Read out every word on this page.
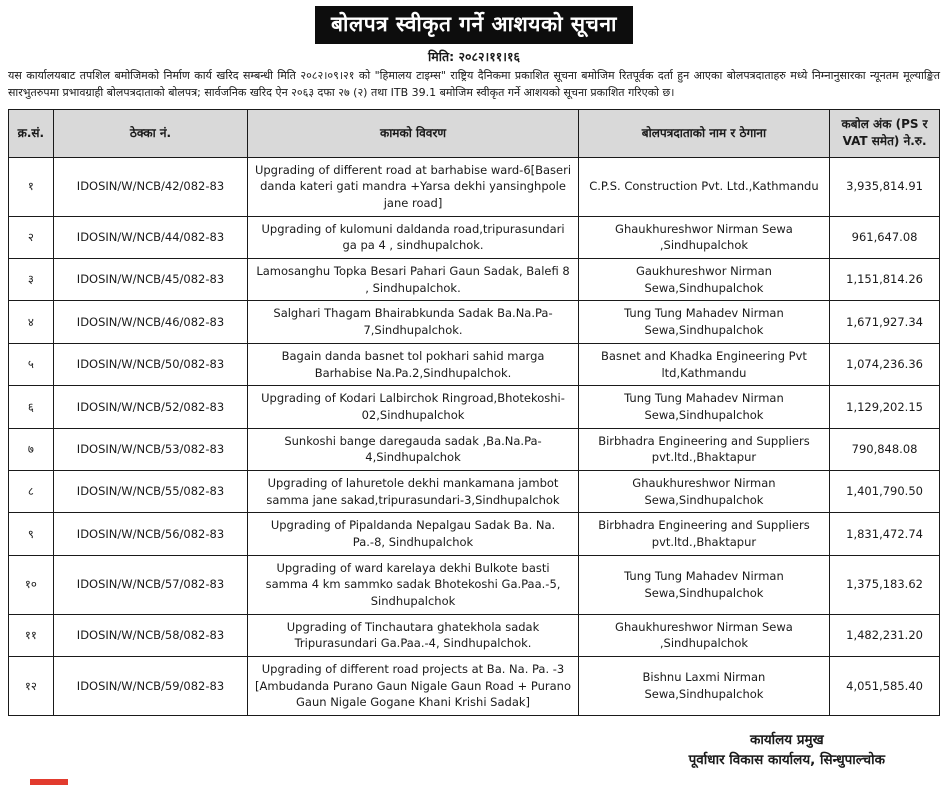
बोलपत्र स्वीकृत गर्ने आशयको सूचना
मिति: २०८२।११।१६

यस कार्यालयबाट तपशिल बमोजिमको निर्माण कार्य खरिद सम्बन्धी मिति २०८२।०९।२१ को "हिमालय टाइम्स" राष्ट्रिय दैनिकमा प्रकाशित सूचना बमोजिम रितपूर्वक दर्ता हुन आएका बोलपत्रदाताहरु मध्ये निम्नानुसारका न्यूनतम मूल्याङ्कित सारभुतरुपमा प्रभावग्राही बोलपत्रदाताको बोलपत्र; सार्वजनिक खरिद ऐन २०६३ दफा २७ (२) तथा ITB 39.1 बमोजिम स्वीकृत गर्ने आशयको सूचना प्रकाशित गरिएको छ।

क्र.सं.	ठेक्का नं.	कामको विवरण	बोलपत्रदाताको नाम र ठेगाना	कबोल अंक (PS र VAT समेत) ने.रु.
१	IDOSIN/W/NCB/42/082-83	Upgrading of different road at barhabise ward-6[Baseri danda kateri gati mandra +Yarsa dekhi yansinghpole jane road]	C.P.S. Construction Pvt. Ltd.,Kathmandu	3,935,814.91
२	IDOSIN/W/NCB/44/082-83	Upgrading of kulomuni daldanda road,tripurasundari ga pa 4 , sindhupalchok.	Ghaukhureshwor Nirman Sewa ,Sindhupalchok	961,647.08
३	IDOSIN/W/NCB/45/082-83	Lamosanghu Topka Besari Pahari Gaun Sadak, Balefi 8 , Sindhupalchok.	Gaukhureshwor Nirman Sewa,Sindhupalchok	1,151,814.26
४	IDOSIN/W/NCB/46/082-83	Salghari Thagam Bhairabkunda Sadak Ba.Na.Pa-7,Sindhupalchok.	Tung Tung Mahadev Nirman Sewa,Sindhupalchok	1,671,927.34
५	IDOSIN/W/NCB/50/082-83	Bagain danda basnet tol pokhari sahid marga Barhabise Na.Pa.2,Sindhupalchok.	Basnet and Khadka Engineering Pvt ltd,Kathmandu	1,074,236.36
६	IDOSIN/W/NCB/52/082-83	Upgrading of Kodari Lalbirchok Ringroad,Bhotekoshi-02,Sindhupalchok	Tung Tung Mahadev Nirman Sewa,Sindhupalchok	1,129,202.15
७	IDOSIN/W/NCB/53/082-83	Sunkoshi bange daregauda sadak ,Ba.Na.Pa-4,Sindhupalchok	Birbhadra Engineering and Suppliers pvt.ltd.,Bhaktapur	790,848.08
८	IDOSIN/W/NCB/55/082-83	Upgrading of lahuretole dekhi mankamana jambot samma jane sakad,tripurasundari-3,Sindhupalchok	Ghaukhureshwor Nirman Sewa,Sindhupalchok	1,401,790.50
९	IDOSIN/W/NCB/56/082-83	Upgrading of Pipaldanda Nepalgau Sadak Ba. Na. Pa.-8, Sindhupalchok	Birbhadra Engineering and Suppliers pvt.ltd.,Bhaktapur	1,831,472.74
१०	IDOSIN/W/NCB/57/082-83	Upgrading of ward karelaya dekhi Bulkote basti samma 4 km sammko sadak Bhotekoshi Ga.Paa.-5, Sindhupalchok	Tung Tung Mahadev Nirman Sewa,Sindhupalchok	1,375,183.62
११	IDOSIN/W/NCB/58/082-83	Upgrading of Tinchautara ghatekhola sadak Tripurasundari Ga.Paa.-4, Sindhupalchok.	Ghaukhureshwor Nirman Sewa ,Sindhupalchok	1,482,231.20
१२	IDOSIN/W/NCB/59/082-83	Upgrading of different road projects at Ba. Na. Pa. -3 [Ambudanda Purano Gaun Nigale Gaun Road + Purano Gaun Nigale Gogane Khani Krishi Sadak]	Bishnu Laxmi Nirman Sewa,Sindhupalchok	4,051,585.40
कार्यालय प्रमुख
पूर्वाधार विकास कार्यालय, सिन्धुपाल्चोक
